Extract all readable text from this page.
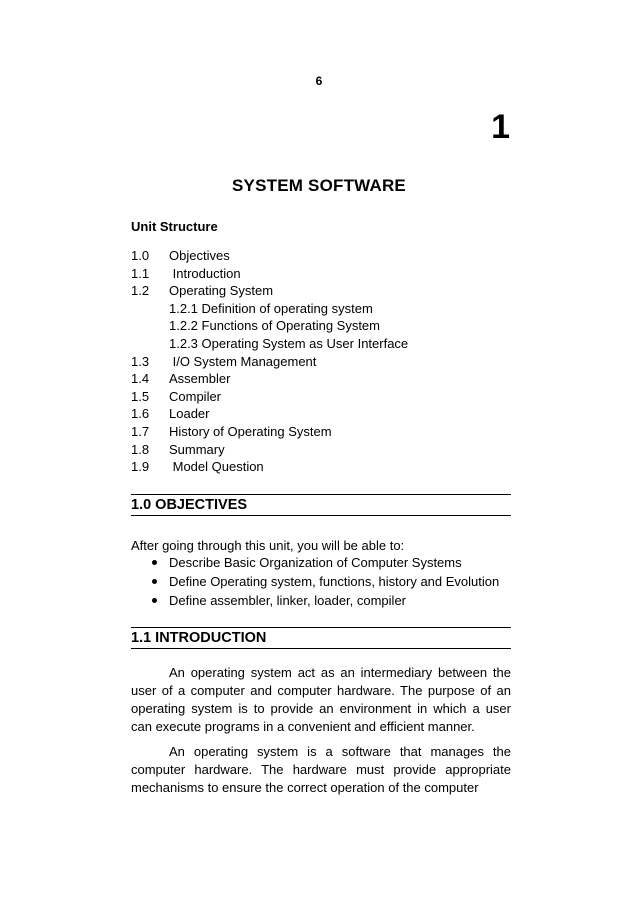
6
1
SYSTEM SOFTWARE
Unit Structure
1.0	Objectives
1.1	Introduction
1.2	Operating System
1.2.1 Definition of operating system
1.2.2 Functions of Operating System
1.2.3 Operating System as User Interface
1.3	I/O System Management
1.4	Assembler
1.5	Compiler
1.6	Loader
1.7	History of Operating System
1.8	Summary
1.9	Model Question
1.0 OBJECTIVES
After going through this unit, you will be able to:
Describe Basic Organization of Computer Systems
Define Operating system, functions, history and Evolution
Define assembler, linker, loader, compiler
1.1 INTRODUCTION

An operating system act as an intermediary between the user of a computer and computer hardware. The purpose of an operating system is to provide an environment in which a user can execute programs in a convenient and efficient manner.

An operating system is a software that manages the computer hardware. The hardware must provide appropriate mechanisms to ensure the correct operation of the computer
